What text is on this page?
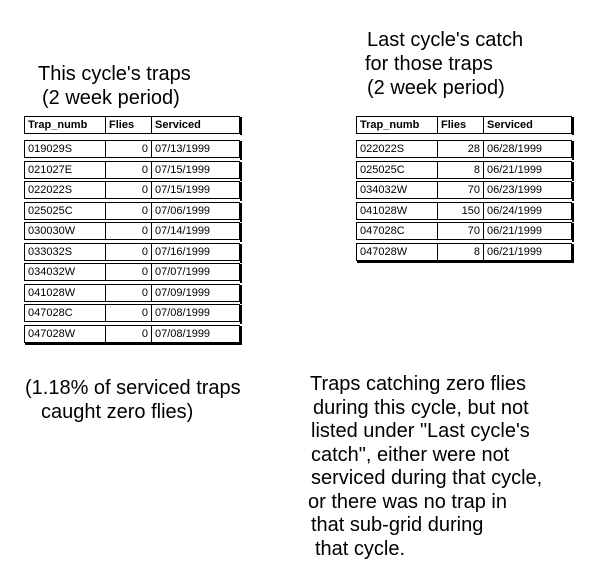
This cycle's traps
(2 week period)
Last cycle's catch
for those traps
(2 week period)
Trap_numb	Flies	Serviced
019029S	0 07/13/1999
021027E	0 07/15/1999
022022S	0 07/15/1999
025025C	0 07/06/1999
030030W	0 07/14/1999
033032S	0 07/16/1999
034032W	0 07/07/1999
041028W	0 07/09/1999
047028C	0 07/08/1999
047028W	0 07/08/1999
Trap_numb	Flies	Serviced
022022S	28 06/28/1999
025025C	8 06/21/1999
034032W	70 06/23/1999
041028W	150 06/24/1999
047028C	70 06/21/1999
047028W	8 06/21/1999
(1.18% of serviced traps
caught zero flies)
Traps catching zero flies
during this cycle, but not
listed under "Last cycle's
catch", either were not
serviced during that cycle,
or there was no trap in
that sub-grid during
that cycle.
